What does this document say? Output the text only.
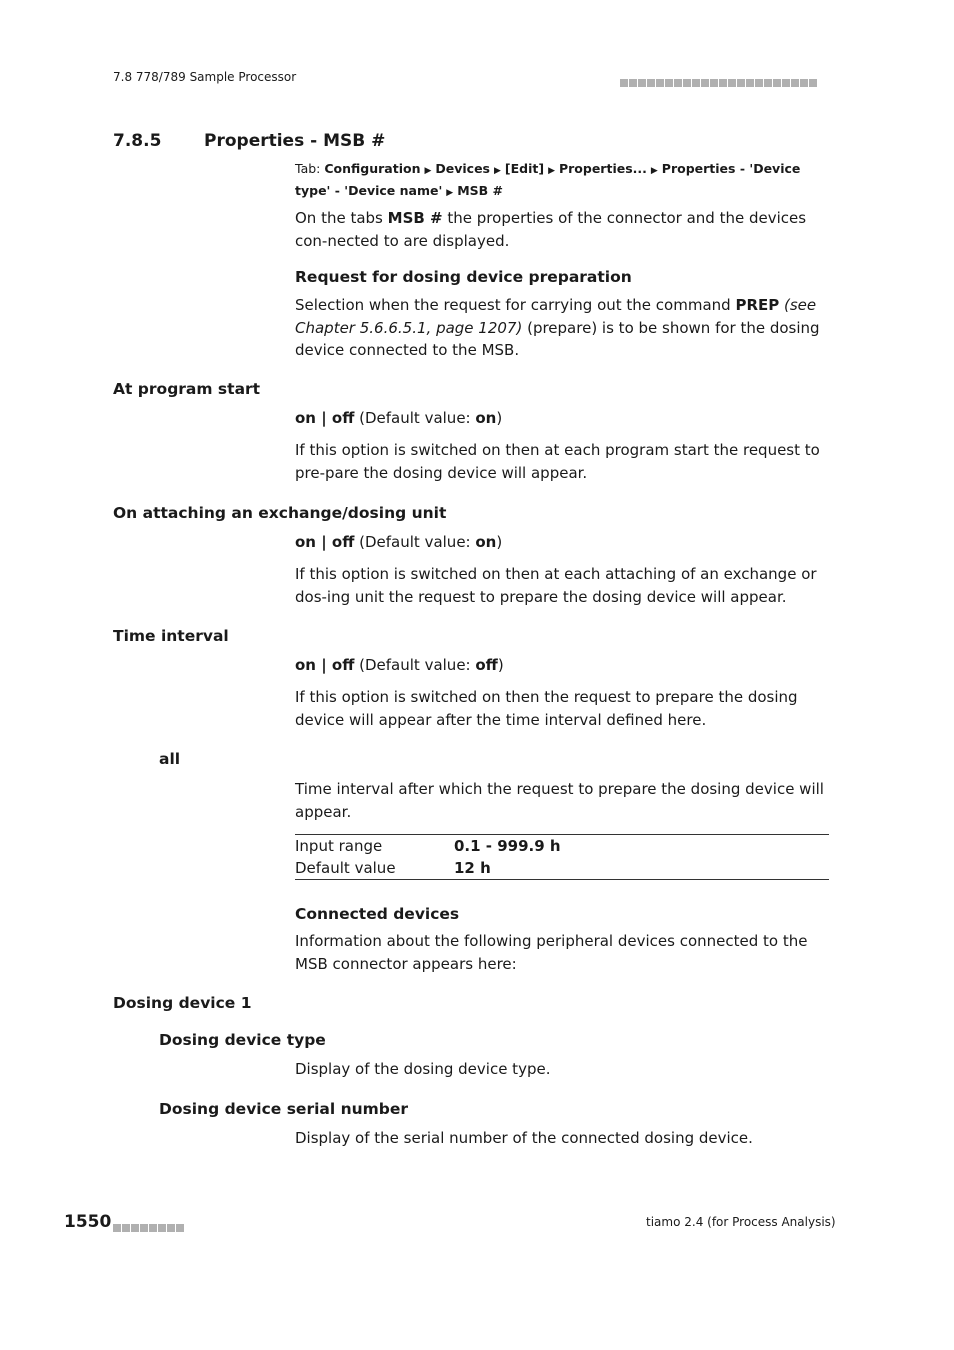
7.8 778/789 Sample Processor
7.8.5	Properties - MSB #
Tab: Configuration ▶ Devices ▶ [Edit] ▶ Properties... ▶ Properties - 'Device type' - 'Device name' ▶ MSB #
On the tabs MSB # the properties of the connector and the devices con-nected to are displayed.
Request for dosing device preparation
Selection when the request for carrying out the command PREP (see Chapter 5.6.6.5.1, page 1207) (prepare) is to be shown for the dosing device connected to the MSB.
At program start
on | off (Default value: on)
If this option is switched on then at each program start the request to pre-pare the dosing device will appear.
On attaching an exchange/dosing unit
on | off (Default value: on)
If this option is switched on then at each attaching of an exchange or dos-ing unit the request to prepare the dosing device will appear.
Time interval
on | off (Default value: off)
If this option is switched on then the request to prepare the dosing device will appear after the time interval defined here.
all
Time interval after which the request to prepare the dosing device will appear.
Input range	0.1 - 999.9 h
Default value	12 h
Connected devices
Information about the following peripheral devices connected to the MSB connector appears here:
Dosing device 1
Dosing device type
Display of the dosing device type.
Dosing device serial number
Display of the serial number of the connected dosing device.
1550	tiamo 2.4 (for Process Analysis)
